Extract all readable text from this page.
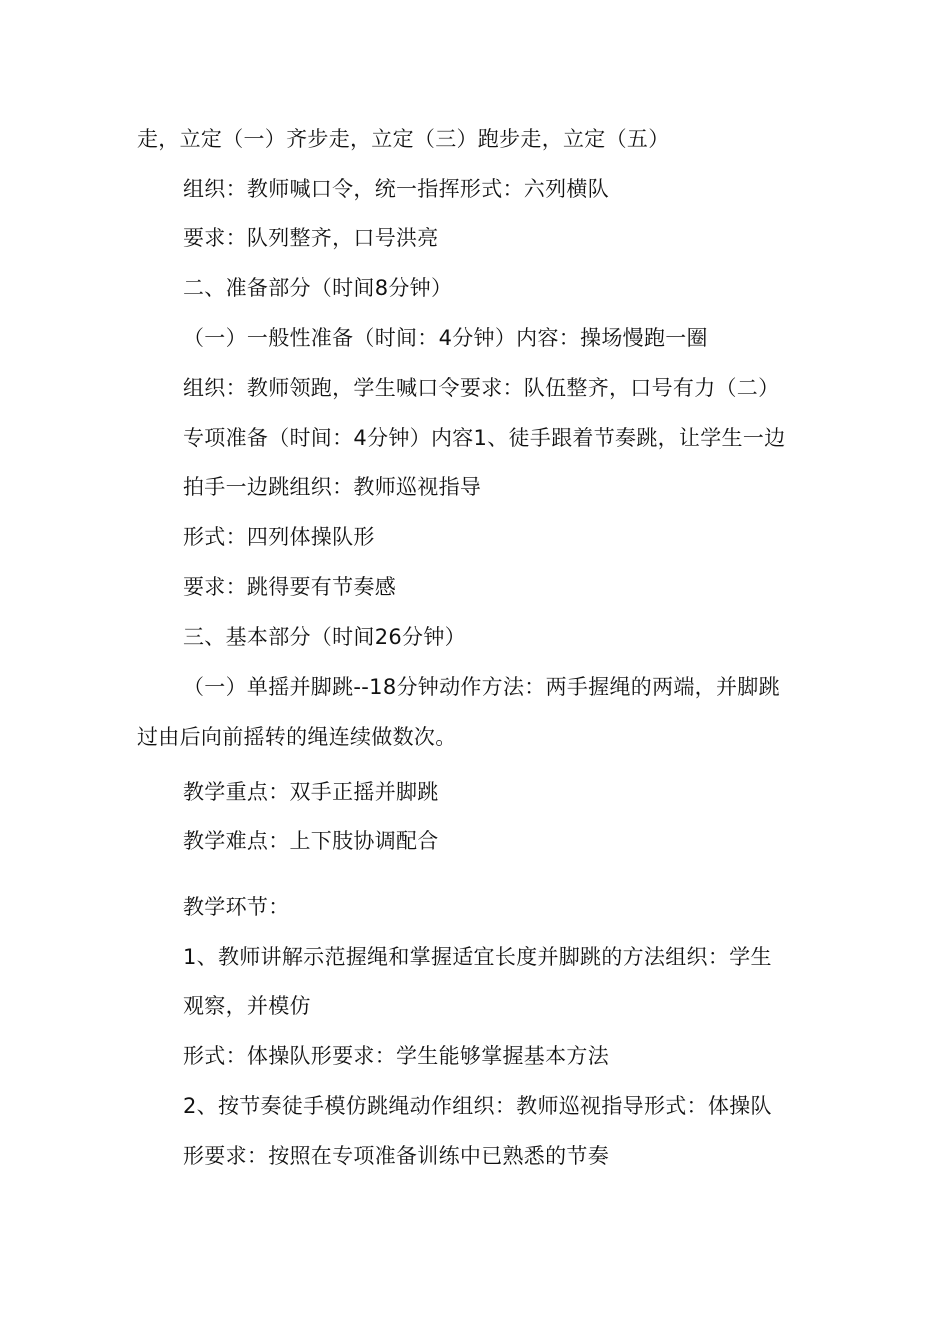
走，立定（一）齐步走，立定（三）跑步走，立定（五）
组织：教师喊口令，统一指挥形式：六列横队
要求：队列整齐，口号洪亮
二、准备部分（时间8分钟）
（一）一般性准备（时间：4分钟）内容：操场慢跑一圈
组织：教师领跑，学生喊口令要求：队伍整齐，口号有力（二）
专项准备（时间：4分钟）内容1、徒手跟着节奏跳，让学生一边
拍手一边跳组织：教师巡视指导
形式：四列体操队形
要求：跳得要有节奏感
三、基本部分（时间26分钟）
（一）单摇并脚跳--18分钟动作方法：两手握绳的两端，并脚跳
过由后向前摇转的绳连续做数次。
教学重点：双手正摇并脚跳
教学难点：上下肢协调配合
教学环节：
1、教师讲解示范握绳和掌握适宜长度并脚跳的方法组织：学生
观察，并模仿
形式：体操队形要求：学生能够掌握基本方法
2、按节奏徒手模仿跳绳动作组织：教师巡视指导形式：体操队
形要求：按照在专项准备训练中已熟悉的节奏
